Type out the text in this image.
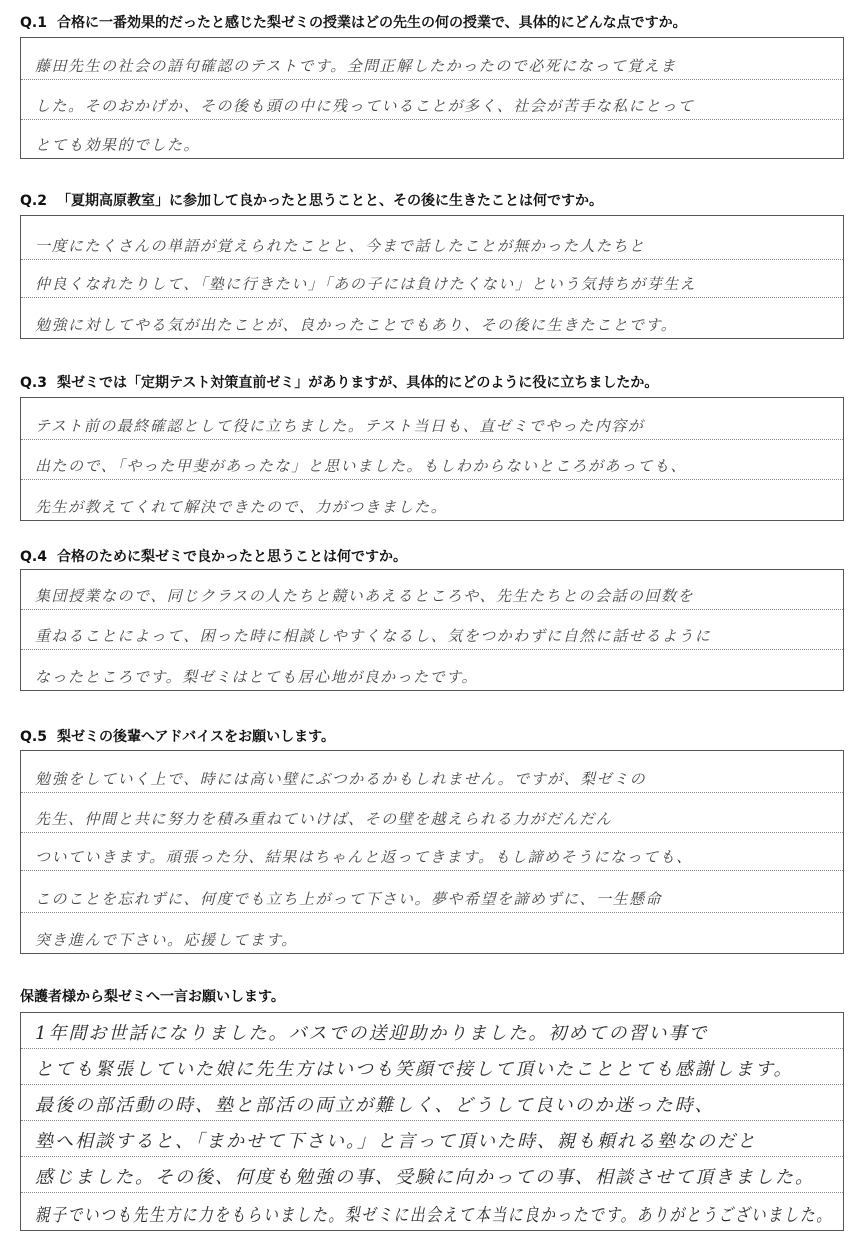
Q.1 合格に一番効果的だったと感じた梨ゼミの授業はどの先生の何の授業で、具体的にどんな点ですか。
藤田先生の社会の語句確認のテストです。全問正解したかったので必死になって覚えま
した。そのおかげか、その後も頭の中に残っていることが多く、社会が苦手な私にとって
とても効果的でした。
Q.2 「夏期高原教室」に参加して良かったと思うことと、その後に生きたことは何ですか。
一度にたくさんの単語が覚えられたことと、今まで話したことが無かった人たちと
仲良くなれたりして、「塾に行きたい」「あの子には負けたくない」という気持ちが芽生え
勉強に対してやる気が出たことが、良かったことでもあり、その後に生きたことです。
Q.3 梨ゼミでは「定期テスト対策直前ゼミ」がありますが、具体的にどのように役に立ちましたか。
テスト前の最終確認として役に立ちました。テスト当日も、直ゼミでやった内容が
出たので、「やった甲斐があったな」と思いました。もしわからないところがあっても、
先生が教えてくれて解決できたので、力がつきました。
Q.4 合格のために梨ゼミで良かったと思うことは何ですか。
集団授業なので、同じクラスの人たちと競いあえるところや、先生たちとの会話の回数を
重ねることによって、困った時に相談しやすくなるし、気をつかわずに自然に話せるように
なったところです。梨ゼミはとても居心地が良かったです。
Q.5 梨ゼミの後輩へアドバイスをお願いします。
勉強をしていく上で、時には高い壁にぶつかるかもしれません。ですが、梨ゼミの
先生、仲間と共に努力を積み重ねていけば、その壁を越えられる力がだんだん
ついていきます。頑張った分、結果はちゃんと返ってきます。もし諦めそうになっても、
このことを忘れずに、何度でも立ち上がって下さい。夢や希望を諦めずに、一生懸命
突き進んで下さい。応援してます。
保護者様から梨ゼミへ一言お願いします。
1年間お世話になりました。バスでの送迎助かりました。初めての習い事で
とても緊張していた娘に先生方はいつも笑顔で接して頂いたこととても感謝します。
最後の部活動の時、塾と部活の両立が難しく、どうして良いのか迷った時、
塾へ相談すると、「まかせて下さい。」と言って頂いた時、親も頼れる塾なのだと
感じました。その後、何度も勉強の事、受験に向かっての事、相談させて頂きました。
親子でいつも先生方に力をもらいました。梨ゼミに出会えて本当に良かったです。ありがとうございました。
